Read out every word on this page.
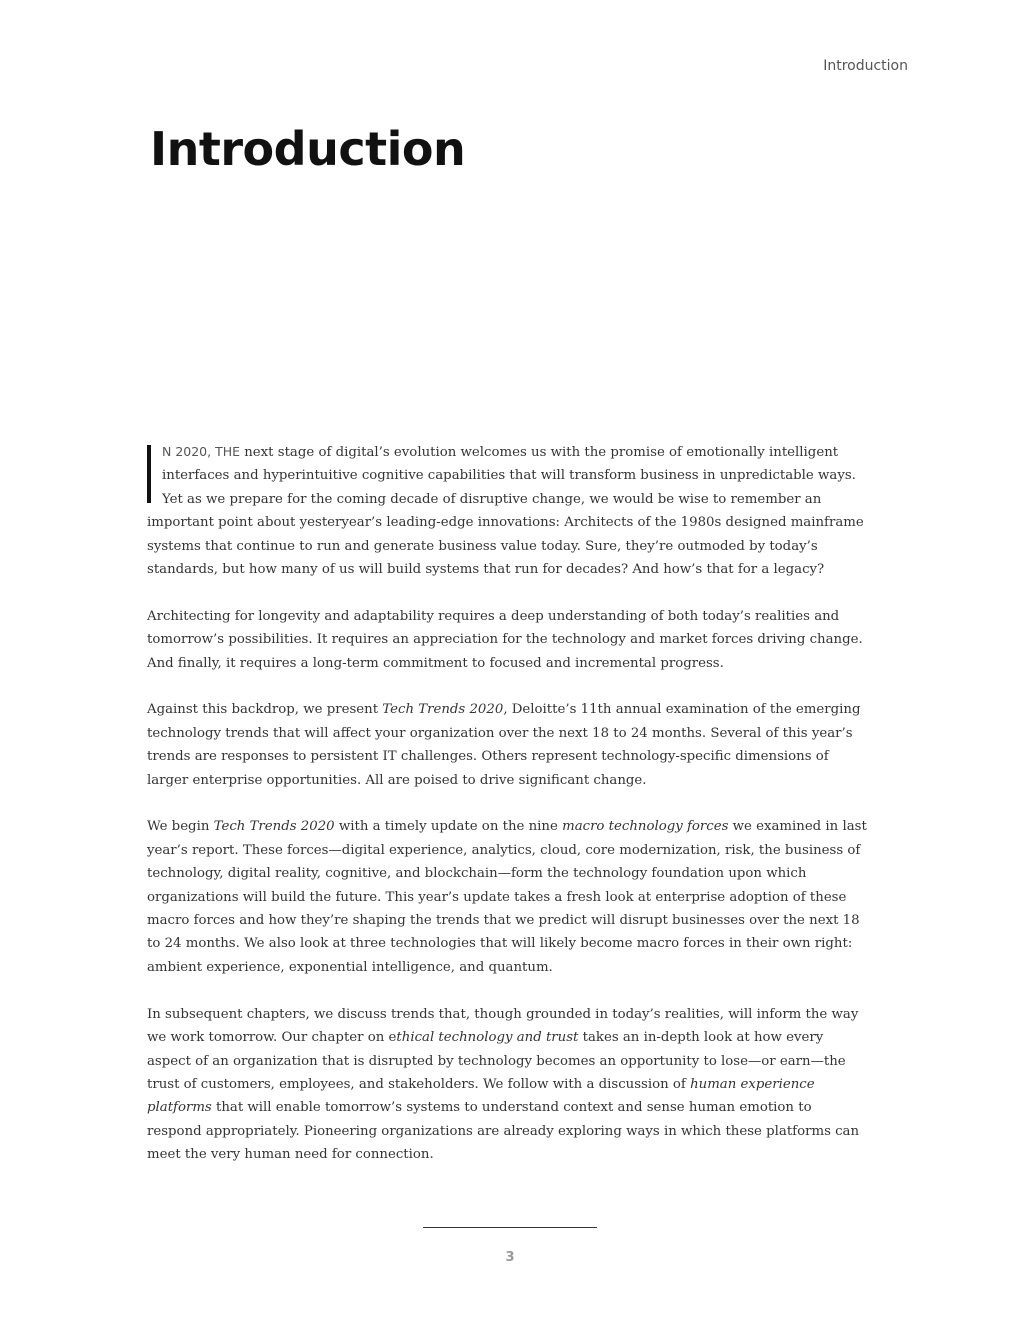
Introduction
Introduction

N 2020, THE next stage of digital’s evolution welcomes us with the promise of emotionally intelligent interfaces and hyperintuitive cognitive capabilities that will transform business in unpredictable ways. Yet as we prepare for the coming decade of disruptive change, we would be wise to remember an important point about yesteryear’s leading-edge innovations: Architects of the 1980s designed mainframe systems that continue to run and generate business value today. Sure, they’re outmoded by today’s standards, but how many of us will build systems that run for decades? And how’s that for a legacy?

Architecting for longevity and adaptability requires a deep understanding of both today’s realities and tomorrow’s possibilities. It requires an appreciation for the technology and market forces driving change. And finally, it requires a long-term commitment to focused and incremental progress.

Against this backdrop, we present Tech Trends 2020, Deloitte’s 11th annual examination of the emerging technology trends that will affect your organization over the next 18 to 24 months. Several of this year’s trends are responses to persistent IT challenges. Others represent technology-specific dimensions of larger enterprise opportunities. All are poised to drive significant change.

We begin Tech Trends 2020 with a timely update on the nine macro technology forces we examined in last year’s report. These forces—digital experience, analytics, cloud, core modernization, risk, the business of technology, digital reality, cognitive, and blockchain—form the technology foundation upon which organizations will build the future. This year’s update takes a fresh look at enterprise adoption of these macro forces and how they’re shaping the trends that we predict will disrupt businesses over the next 18 to 24 months. We also look at three technologies that will likely become macro forces in their own right: ambient experience, exponential intelligence, and quantum.

In subsequent chapters, we discuss trends that, though grounded in today’s realities, will inform the way we work tomorrow. Our chapter on ethical technology and trust takes an in-depth look at how every aspect of an organization that is disrupted by technology becomes an opportunity to lose—or earn—the trust of customers, employees, and stakeholders. We follow with a discussion of human experience platforms that will enable tomorrow’s systems to understand context and sense human emotion to respond appropriately. Pioneering organizations are already exploring ways in which these platforms can meet the very human need for connection.

3
